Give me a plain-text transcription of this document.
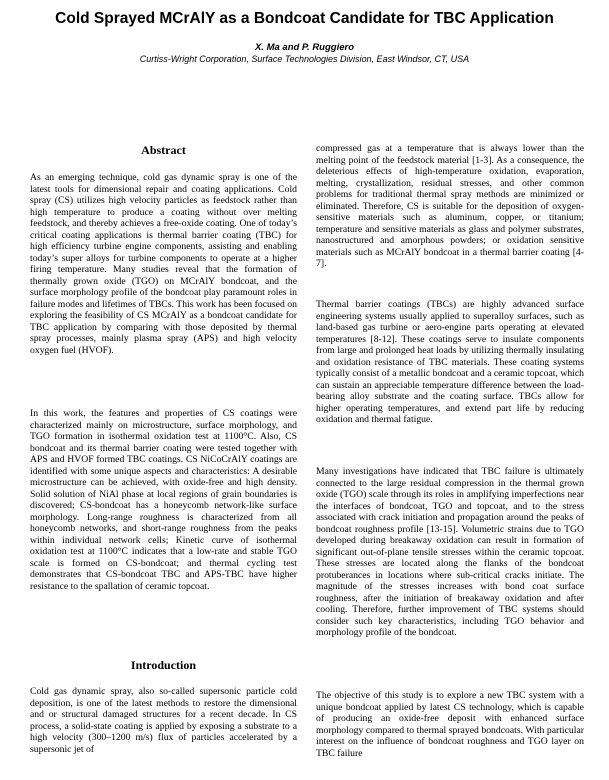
Cold Sprayed MCrAlY as a Bondcoat Candidate for TBC Application
X. Ma and P. Ruggiero
Curtiss-Wright Corporation, Surface Technologies Division, East Windsor, CT, USA
Abstract

As an emerging technique, cold gas dynamic spray is one of the latest tools for dimensional repair and coating applications. Cold spray (CS) utilizes high velocity particles as feedstock rather than high temperature to produce a coating without over melting feedstock, and thereby achieves a free-oxide coating. One of today’s critical coating applications is thermal barrier coating (TBC) for high efficiency turbine engine components, assisting and enabling today’s super alloys for turbine components to operate at a higher firing temperature. Many studies reveal that the formation of thermally grown oxide (TGO) on MCrAlY bondcoat, and the surface morphology profile of the bondcoat play paramount roles in failure modes and lifetimes of TBCs. This work has been focused on exploring the feasibility of CS MCrAlY as a bondcoat candidate for TBC application by comparing with those deposited by thermal spray processes, mainly plasma spray (APS) and high velocity oxygen fuel (HVOF).

In this work, the features and properties of CS coatings were characterized mainly on microstructure, surface morphology, and TGO formation in isothermal oxidation test at 1100°C. Also, CS bondcoat and its thermal barrier coating were tested together with APS and HVOF formed TBC coatings. CS NiCoCrAlY coatings are identified with some unique aspects and characteristics: A desirable microstructure can be achieved, with oxide-free and high density. Solid solution of NiAl phase at local regions of grain boundaries is discovered; CS-bondcoat has a honeycomb network-like surface morphology. Long-range roughness is characterized from all honeycomb networks, and short-range roughness from the peaks within individual network cells; Kinetic curve of isothermal oxidation test at 1100°C indicates that a low-rate and stable TGO scale is formed on CS-bondcoat; and thermal cycling test demonstrates that CS-bondcoat TBC and APS-TBC have higher resistance to the spallation of ceramic topcoat.

Introduction

Cold gas dynamic spray, also so-called supersonic particle cold deposition, is one of the latest methods to restore the dimensional and or structural damaged structures for a recent decade. In CS process, a solid-state coating is applied by exposing a substrate to a high velocity (300–1200 m/s) flux of particles accelerated by a supersonic jet of

compressed gas at a temperature that is always lower than the melting point of the feedstock material [1-3]. As a consequence, the deleterious effects of high-temperature oxidation, evaporation, melting, crystallization, residual stresses, and other common problems for traditional thermal spray methods are minimized or eliminated. Therefore, CS is suitable for the deposition of oxygen-sensitive materials such as aluminum, copper, or titanium; temperature and sensitive materials as glass and polymer substrates, nanostructured and amorphous powders; or oxidation sensitive materials such as MCrAlY bondcoat in a thermal barrier coating [4-7].

Thermal barrier coatings (TBCs) are highly advanced surface engineering systems usually applied to superalloy surfaces, such as land-based gas turbine or aero-engine parts operating at elevated temperatures [8-12]. These coatings serve to insulate components from large and prolonged heat loads by utilizing thermally insulating and oxidation resistance of TBC materials. These coating systems typically consist of a metallic bondcoat and a ceramic topcoat, which can sustain an appreciable temperature difference between the load-bearing alloy substrate and the coating surface. TBCs allow for higher operating temperatures, and extend part life by reducing oxidation and thermal fatigue.

Many investigations have indicated that TBC failure is ultimately connected to the large residual compression in the thermal grown oxide (TGO) scale through its roles in amplifying imperfections near the interfaces of bondcoat, TGO and topcoat, and to the stress associated with crack initiation and propagation around the peaks of bondcoat roughness profile [13-15]. Volumetric strains due to TGO developed during breakaway oxidation can result in formation of significant out-of-plane tensile stresses within the ceramic topcoat. These stresses are located along the flanks of the bondcoat protuberances in locations where sub-critical cracks initiate. The magnitude of the stresses increases with bond coat surface roughness, after the initiation of breakaway oxidation and after cooling. Therefore, further improvement of TBC systems should consider such key characteristics, including TGO behavior and morphology profile of the bondcoat.

The objective of this study is to explore a new TBC system with a unique bondcoat applied by latest CS technology, which is capable of producing an oxide-free deposit with enhanced surface morphology compared to thermal sprayed bondcoats. With particular interest on the influence of bondcoat roughness and TGO layer on TBC failure
